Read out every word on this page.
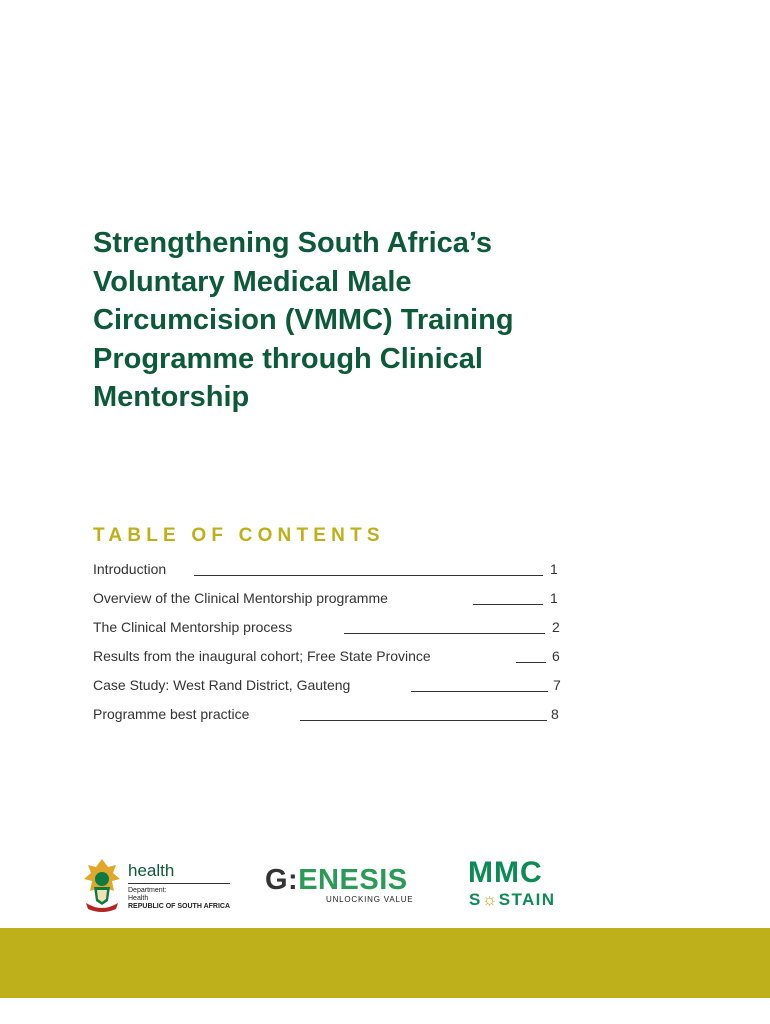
Strengthening South Africa’s
Voluntary Medical Male
Circumcision (VMMC) Training
Programme through Clinical
Mentorship
TABLE OF CONTENTS
Introduction	1
Overview of the Clinical Mentorship programme	1
The Clinical Mentorship process	2
Results from the inaugural cohort; Free State Province	6
Case Study: West Rand District, Gauteng	7
Programme best practice	8
health
Department:
Health
REPUBLIC OF SOUTH AFRICA
G:ENESIS
UNLOCKING VALUE
MMC
S☼STAIN
